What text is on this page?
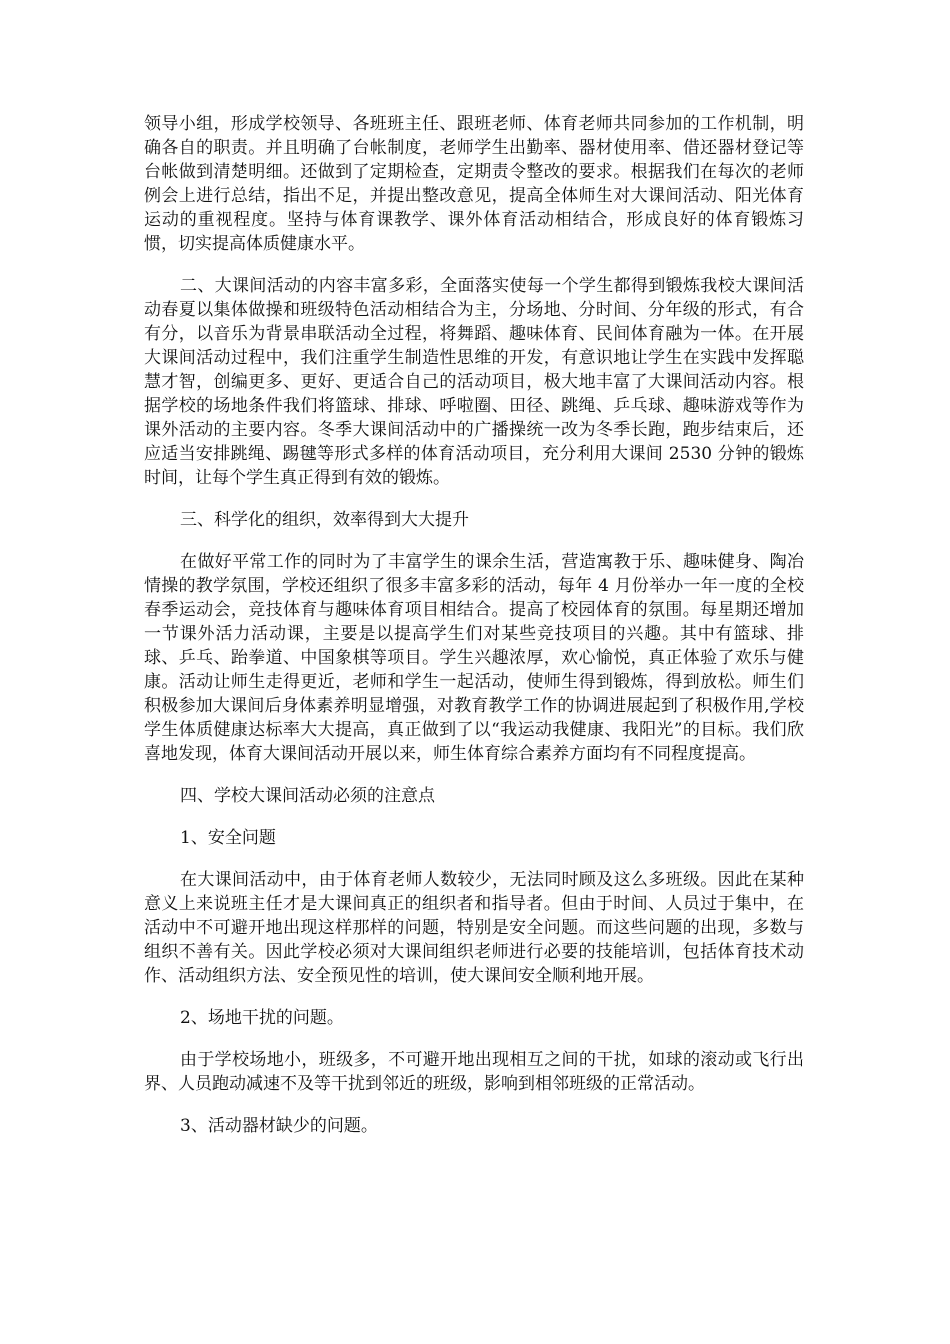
领导小组，形成学校领导、各班班主任、跟班老师、体育老师共同参加的工作机制，明确各自的职责。并且明确了台帐制度，老师学生出勤率、器材使用率、借还器材登记等台帐做到清楚明细。还做到了定期检查，定期责令整改的要求。根据我们在每次的老师例会上进行总结，指出不足，并提出整改意见，提高全体师生对大课间活动、阳光体育运动的重视程度。坚持与体育课教学、课外体育活动相结合，形成良好的体育锻炼习惯，切实提高体质健康水平。

二、大课间活动的内容丰富多彩，全面落实使每一个学生都得到锻炼我校大课间活动春夏以集体做操和班级特色活动相结合为主，分场地、分时间、分年级的形式，有合有分，以音乐为背景串联活动全过程，将舞蹈、趣味体育、民间体育融为一体。在开展大课间活动过程中，我们注重学生制造性思维的开发，有意识地让学生在实践中发挥聪慧才智，创编更多、更好、更适合自己的活动项目，极大地丰富了大课间活动内容。根据学校的场地条件我们将篮球、排球、呼啦圈、田径、跳绳、乒乓球、趣味游戏等作为课外活动的主要内容。冬季大课间活动中的广播操统一改为冬季长跑，跑步结束后，还应适当安排跳绳、踢毽等形式多样的体育活动项目，充分利用大课间 2530 分钟的锻炼时间，让每个学生真正得到有效的锻炼。

三、科学化的组织，效率得到大大提升

在做好平常工作的同时为了丰富学生的课余生活，营造寓教于乐、趣味健身、陶冶情操的教学氛围，学校还组织了很多丰富多彩的活动，每年 4 月份举办一年一度的全校春季运动会，竞技体育与趣味体育项目相结合。提高了校园体育的氛围。每星期还增加一节课外活力活动课，主要是以提高学生们对某些竞技项目的兴趣。其中有篮球、排球、乒乓、跆拳道、中国象棋等项目。学生兴趣浓厚，欢心愉悦，真正体验了欢乐与健康。活动让师生走得更近，老师和学生一起活动，使师生得到锻炼，得到放松。师生们积极参加大课间后身体素养明显增强，对教育教学工作的协调进展起到了积极作用,学校学生体质健康达标率大大提高，真正做到了以“我运动我健康、我阳光”的目标。我们欣喜地发现，体育大课间活动开展以来，师生体育综合素养方面均有不同程度提高。

四、学校大课间活动必须的注意点

1、安全问题

在大课间活动中，由于体育老师人数较少，无法同时顾及这么多班级。因此在某种意义上来说班主任才是大课间真正的组织者和指导者。但由于时间、人员过于集中，在活动中不可避开地出现这样那样的问题，特别是安全问题。而这些问题的出现，多数与组织不善有关。因此学校必须对大课间组织老师进行必要的技能培训，包括体育技术动作、活动组织方法、安全预见性的培训，使大课间安全顺利地开展。

2、场地干扰的问题。

由于学校场地小，班级多，不可避开地出现相互之间的干扰，如球的滚动或飞行出界、人员跑动减速不及等干扰到邻近的班级，影响到相邻班级的正常活动。

3、活动器材缺少的问题。
